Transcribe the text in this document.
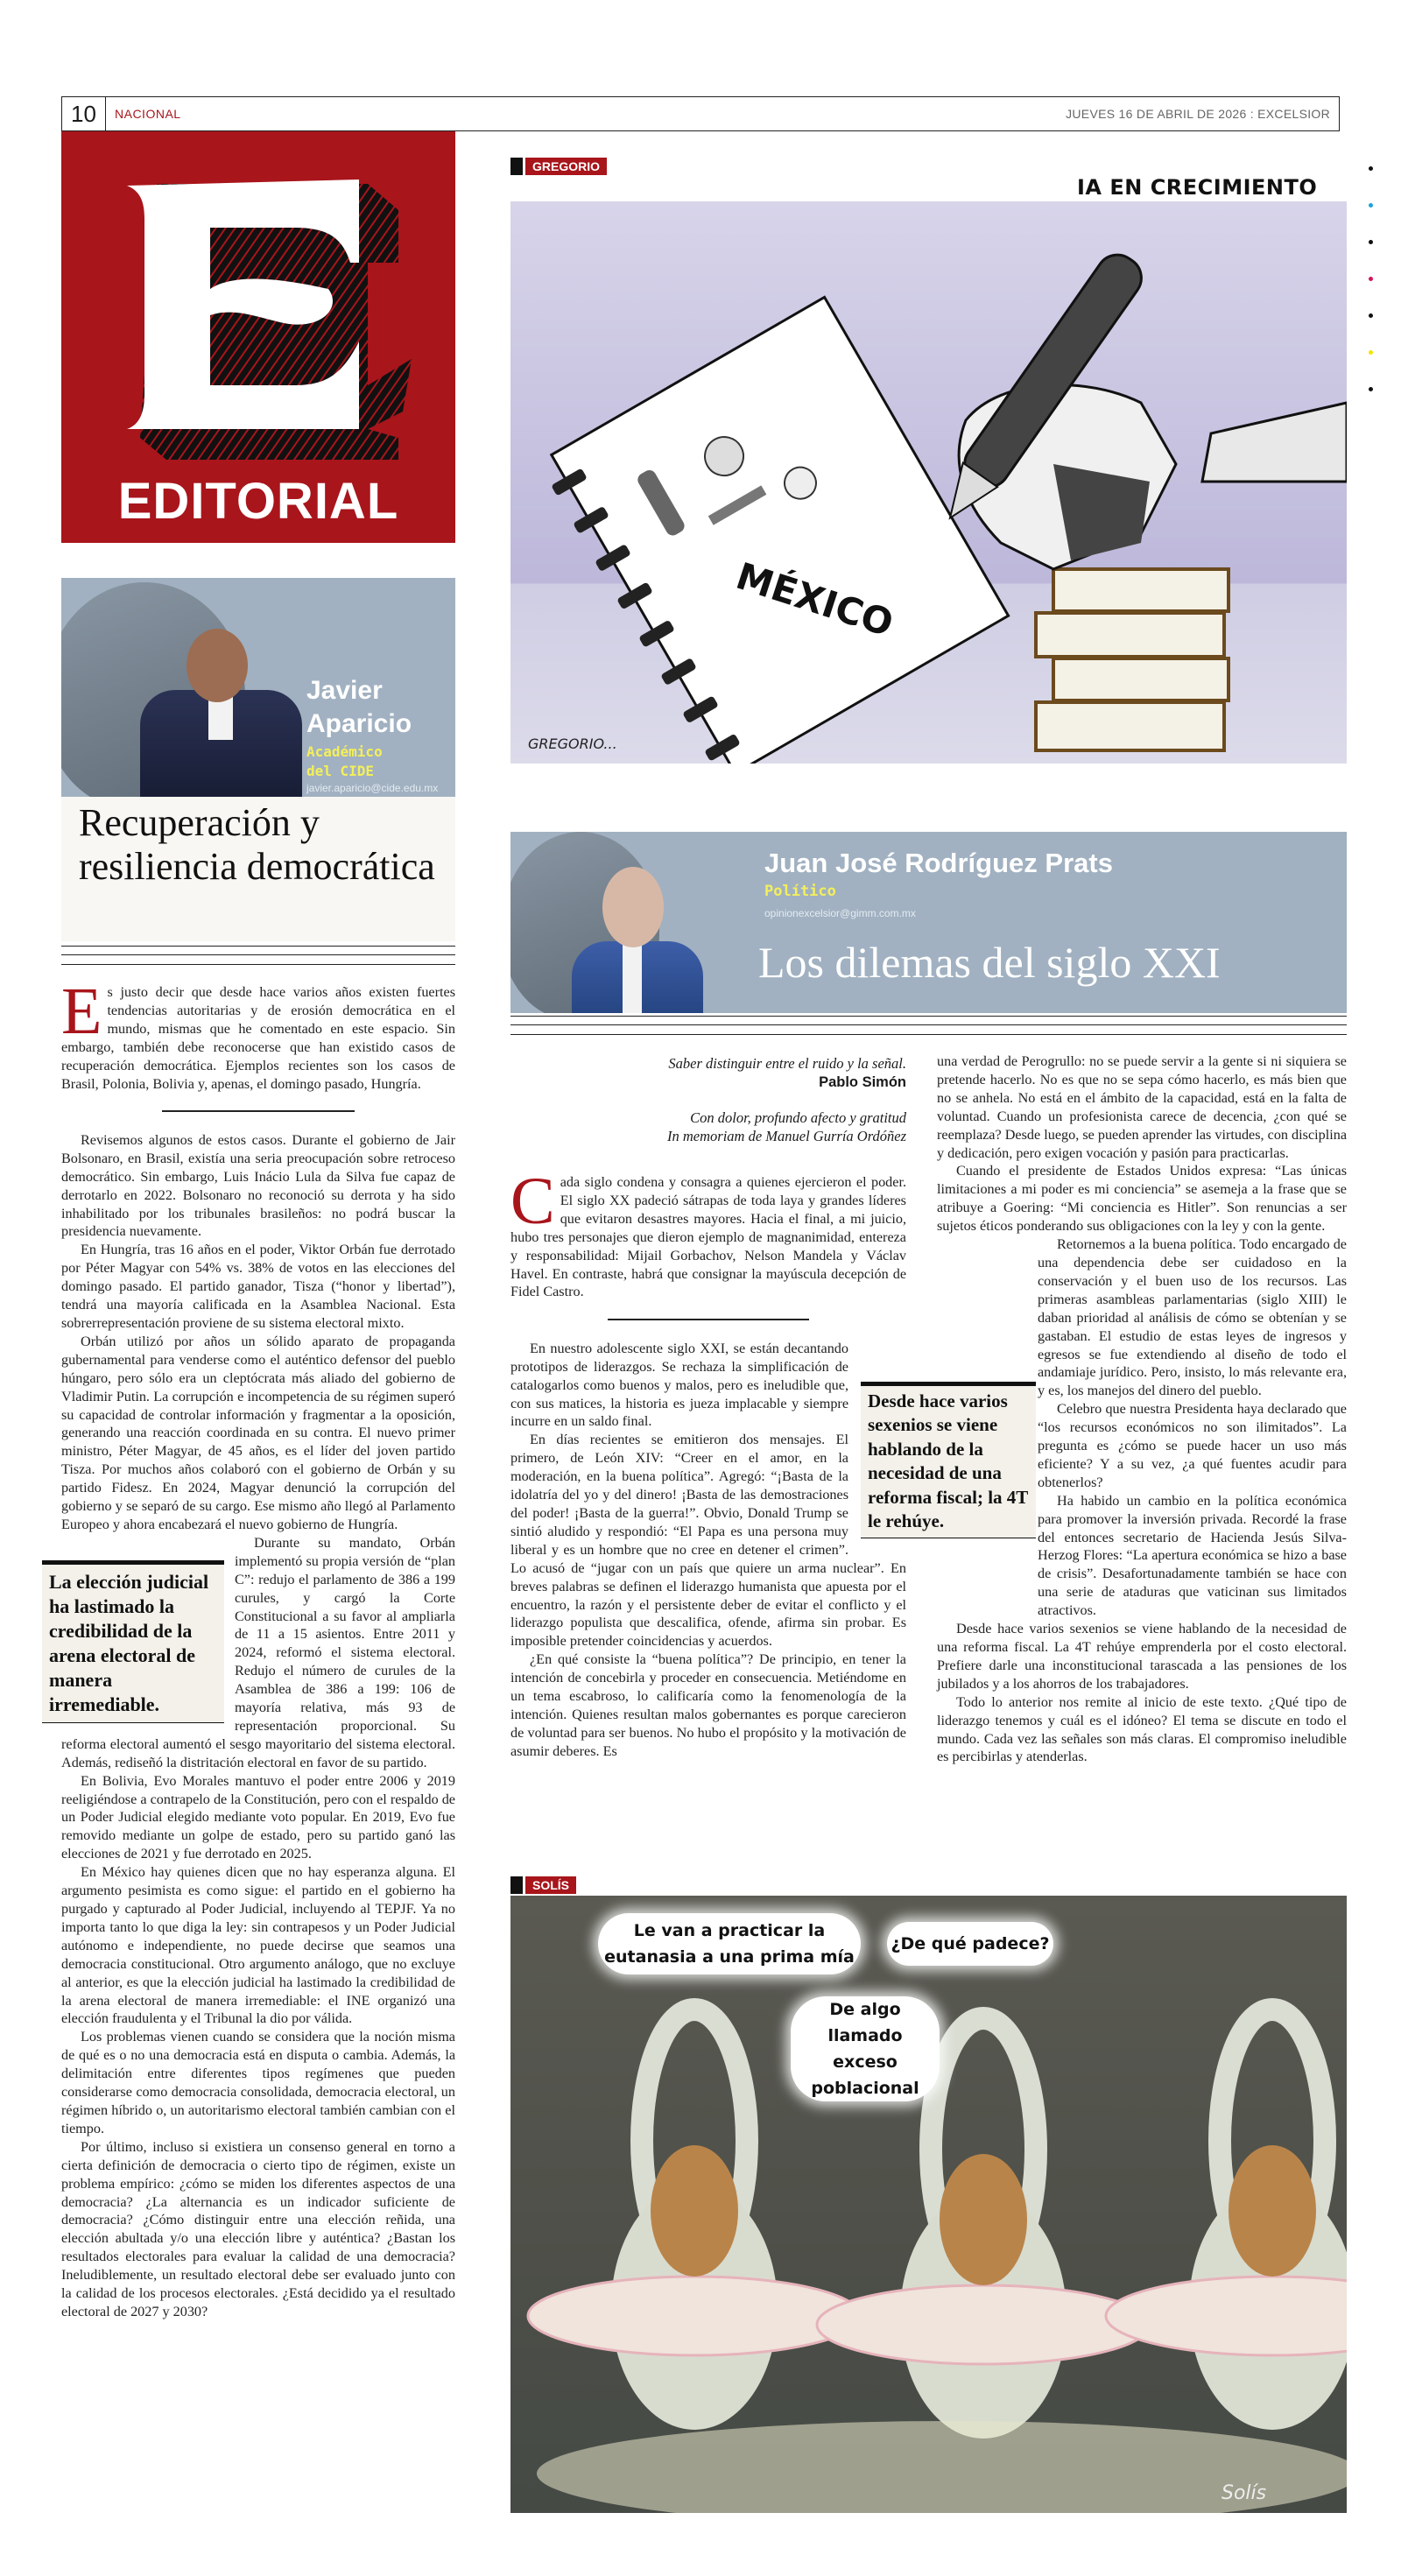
10	NACIONAL	JUEVES 16 DE ABRIL DE 2026 : EXCELSIOR
EDITORIAL
Javier
Aparicio
Académico
del CIDE
javier.aparicio@cide.edu.mx
Recuperación y resiliencia democrática

Es justo decir que desde hace varios años existen fuertes tendencias autoritarias y de erosión democrática en el mundo, mismas que he comentado en este espacio. Sin embargo, también debe reconocerse que han existido casos de recuperación democrática. Ejemplos recientes son los casos de Brasil, Polonia, Bolivia y, apenas, el domingo pasado, Hungría.

Revisemos algunos de estos casos. Durante el gobierno de Jair Bolsonaro, en Brasil, existía una seria preocupación sobre retroceso democrático. Sin embargo, Luis Inácio Lula da Silva fue capaz de derrotarlo en 2022. Bolsonaro no reconoció su derrota y ha sido inhabilitado por los tribunales brasileños: no podrá buscar la presidencia nuevamente.

En Hungría, tras 16 años en el poder, Viktor Orbán fue derrotado por Péter Magyar con 54% vs. 38% de votos en las elecciones del domingo pasado. El partido ganador, Tisza (“honor y libertad”), tendrá una mayoría calificada en la Asamblea Nacional. Esta sobrerrepresentación proviene de su sistema electoral mixto.

Orbán utilizó por años un sólido aparato de propaganda gubernamental para venderse como el auténtico defensor del pueblo húngaro, pero sólo era un cleptócrata más aliado del gobierno de Vladimir Putin. La corrupción e incompetencia de su régimen superó su capacidad de controlar información y fragmentar a la oposición, generando una reacción coordinada en su contra. El nuevo primer ministro, Péter Magyar, de 45 años, es el líder del joven partido Tisza. Por muchos años colaboró con el gobierno de Orbán y su partido Fidesz. En 2024, Magyar denunció la corrupción del gobierno y se separó de su cargo. Ese mismo año llegó al Parlamento Europeo y ahora encabezará el nuevo gobierno de Hungría.

La elección judicial ha lastimado la credibilidad de la arena electoral de manera irremediable.
Durante su mandato, Orbán implementó su propia versión de “plan C”: redujo el parlamento de 386 a 199 curules, y cargó la Corte Constitucional a su favor al ampliarla de 11 a 15 asientos. Entre 2011 y 2024, reformó el sistema electoral. Redujo el número de curules de la Asamblea de 386 a 199: 106 de mayoría relativa, más 93 de representación proporcional. Su reforma electoral aumentó el sesgo mayoritario del sistema electoral. Además, rediseñó la distritación electoral en favor de su partido.

En Bolivia, Evo Morales mantuvo el poder entre 2006 y 2019 reeligiéndose a contrapelo de la Constitución, pero con el respaldo de un Poder Judicial elegido mediante voto popular. En 2019, Evo fue removido mediante un golpe de estado, pero su partido ganó las elecciones de 2021 y fue derrotado en 2025.

En México hay quienes dicen que no hay esperanza alguna. El argumento pesimista es como sigue: el partido en el gobierno ha purgado y capturado al Poder Judicial, incluyendo al TEPJF. Ya no importa tanto lo que diga la ley: sin contrapesos y un Poder Judicial autónomo e independiente, no puede decirse que seamos una democracia constitucional. Otro argumento análogo, que no excluye al anterior, es que la elección judicial ha lastimado la credibilidad de la arena electoral de manera irremediable: el INE organizó una elección fraudulenta y el Tribunal la dio por válida.

Los problemas vienen cuando se considera que la noción misma de qué es o no una democracia está en disputa o cambia. Además, la delimitación entre diferentes tipos regímenes que pueden considerarse como democracia consolidada, democracia electoral, un régimen híbrido o, un autoritarismo electoral también cambian con el tiempo.

Por último, incluso si existiera un consenso general en torno a cierta definición de democracia o cierto tipo de régimen, existe un problema empírico: ¿cómo se miden los diferentes aspectos de una democracia? ¿La alternancia es un indicador suficiente de democracia? ¿Cómo distinguir entre una elección reñida, una elección abultada y/o una elección libre y auténtica? ¿Bastan los resultados electorales para evaluar la calidad de una democracia? Ineludiblemente, un resultado electoral debe ser evaluado junto con la calidad de los procesos electorales. ¿Está decidido ya el resultado electoral de 2027 y 2030?

GREGORIO
IA EN CRECIMIENTO
MÉXICO
GREGORIO...
Juan José Rodríguez Prats
Político
opinionexcelsior@gimm.com.mx
Los dilemas del siglo XXI
Saber distinguir entre el ruido y la señal.
Pablo Simón
Con dolor, profundo afecto y gratitud
In memoriam de Manuel Gurría Ordóñez

Cada siglo condena y consagra a quienes ejercieron el poder. El siglo XX padeció sátrapas de toda laya y grandes líderes que evitaron desastres mayores. Hacia el final, a mi juicio, hubo tres personajes que dieron ejemplo de magnanimidad, entereza y responsabilidad: Mijail Gorbachov, Nelson Mandela y Václav Havel. En contraste, habrá que consignar la mayúscula decepción de Fidel Castro.

Desde hace varios sexenios se viene hablando de la necesidad de una reforma fiscal; la 4T le rehúye.
En nuestro adolescente siglo XXI, se están decantando prototipos de liderazgos. Se rechaza la simplificación de catalogarlos como buenos y malos, pero es ineludible que, con sus matices, la historia es jueza implacable y siempre incurre en un saldo final.

En días recientes se emitieron dos mensajes. El primero, de León XIV: “Creer en el amor, en la moderación, en la buena política”. Agregó: “¡Basta de la idolatría del yo y del dinero! ¡Basta de las demostraciones del poder! ¡Basta de la guerra!”. Obvio, Donald Trump se sintió aludido y respondió: “El Papa es una persona muy liberal y es un hombre que no cree en detener el crimen”. Lo acusó de “jugar con un país que quiere un arma nuclear”. En breves palabras se definen el liderazgo humanista que apuesta por el encuentro, la razón y el persistente deber de evitar el conflicto y el liderazgo populista que descalifica, ofende, afirma sin probar. Es imposible pretender coincidencias y acuerdos.

¿En qué consiste la “buena política”? De principio, en tener la intención de concebirla y proceder en consecuencia. Metiéndome en un tema escabroso, lo calificaría como la fenomenología de la intención. Quienes resultan malos gobernantes es porque carecieron de voluntad para ser buenos. No hubo el propósito y la motivación de asumir deberes. Es

una verdad de Perogrullo: no se puede servir a la gente si ni siquiera se pretende hacerlo. No es que no se sepa cómo hacerlo, es más bien que no se anhela. No está en el ámbito de la capacidad, está en la falta de voluntad. Cuando un profesionista carece de decencia, ¿con qué se reemplaza? Desde luego, se pueden aprender las virtudes, con disciplina y dedicación, pero exigen vocación y pasión para practicarlas.

Cuando el presidente de Estados Unidos expresa: “Las únicas limitaciones a mi poder es mi conciencia” se asemeja a la frase que se atribuye a Goering: “Mi conciencia es Hitler”. Son renuncias a ser sujetos éticos ponderando sus obligaciones con la ley y con la gente.

Retornemos a la buena política. Todo encargado de una dependencia debe ser cuidadoso en la conservación y el buen uso de los recursos. Las primeras asambleas parlamentarias (siglo XIII) le daban prioridad al análisis de cómo se obtenían y se gastaban. El estudio de estas leyes de ingresos y egresos se fue extendiendo al diseño de todo el andamiaje jurídico. Pero, insisto, lo más relevante era, y es, los manejos del dinero del pueblo.

Celebro que nuestra Presidenta haya declarado que “los recursos económicos no son ilimitados”. La pregunta es ¿cómo se puede hacer un uso más eficiente? Y a su vez, ¿a qué fuentes acudir para obtenerlos?

Ha habido un cambio en la política económica para promover la inversión privada. Recordé la frase del entonces secretario de Hacienda Jesús Silva-Herzog Flores: “La apertura económica se hizo a base de crisis”. Desafortunadamente también se hace con una serie de ataduras que vaticinan sus limitados atractivos.

Desde hace varios sexenios se viene hablando de la necesidad de una reforma fiscal. La 4T rehúye emprenderla por el costo electoral. Prefiere darle una inconstitucional tarascada a las pensiones de los jubilados y a los ahorros de los trabajadores.

Todo lo anterior nos remite al inicio de este texto. ¿Qué tipo de liderazgo tenemos y cuál es el idóneo? El tema se discute en todo el mundo. Cada vez las señales son más claras. El compromiso ineludible es percibirlas y atenderlas.

SOLÍS
Le van a practicar la eutanasia a una prima mía
¿De qué padece?
De algo llamado exceso poblacional
Solís
